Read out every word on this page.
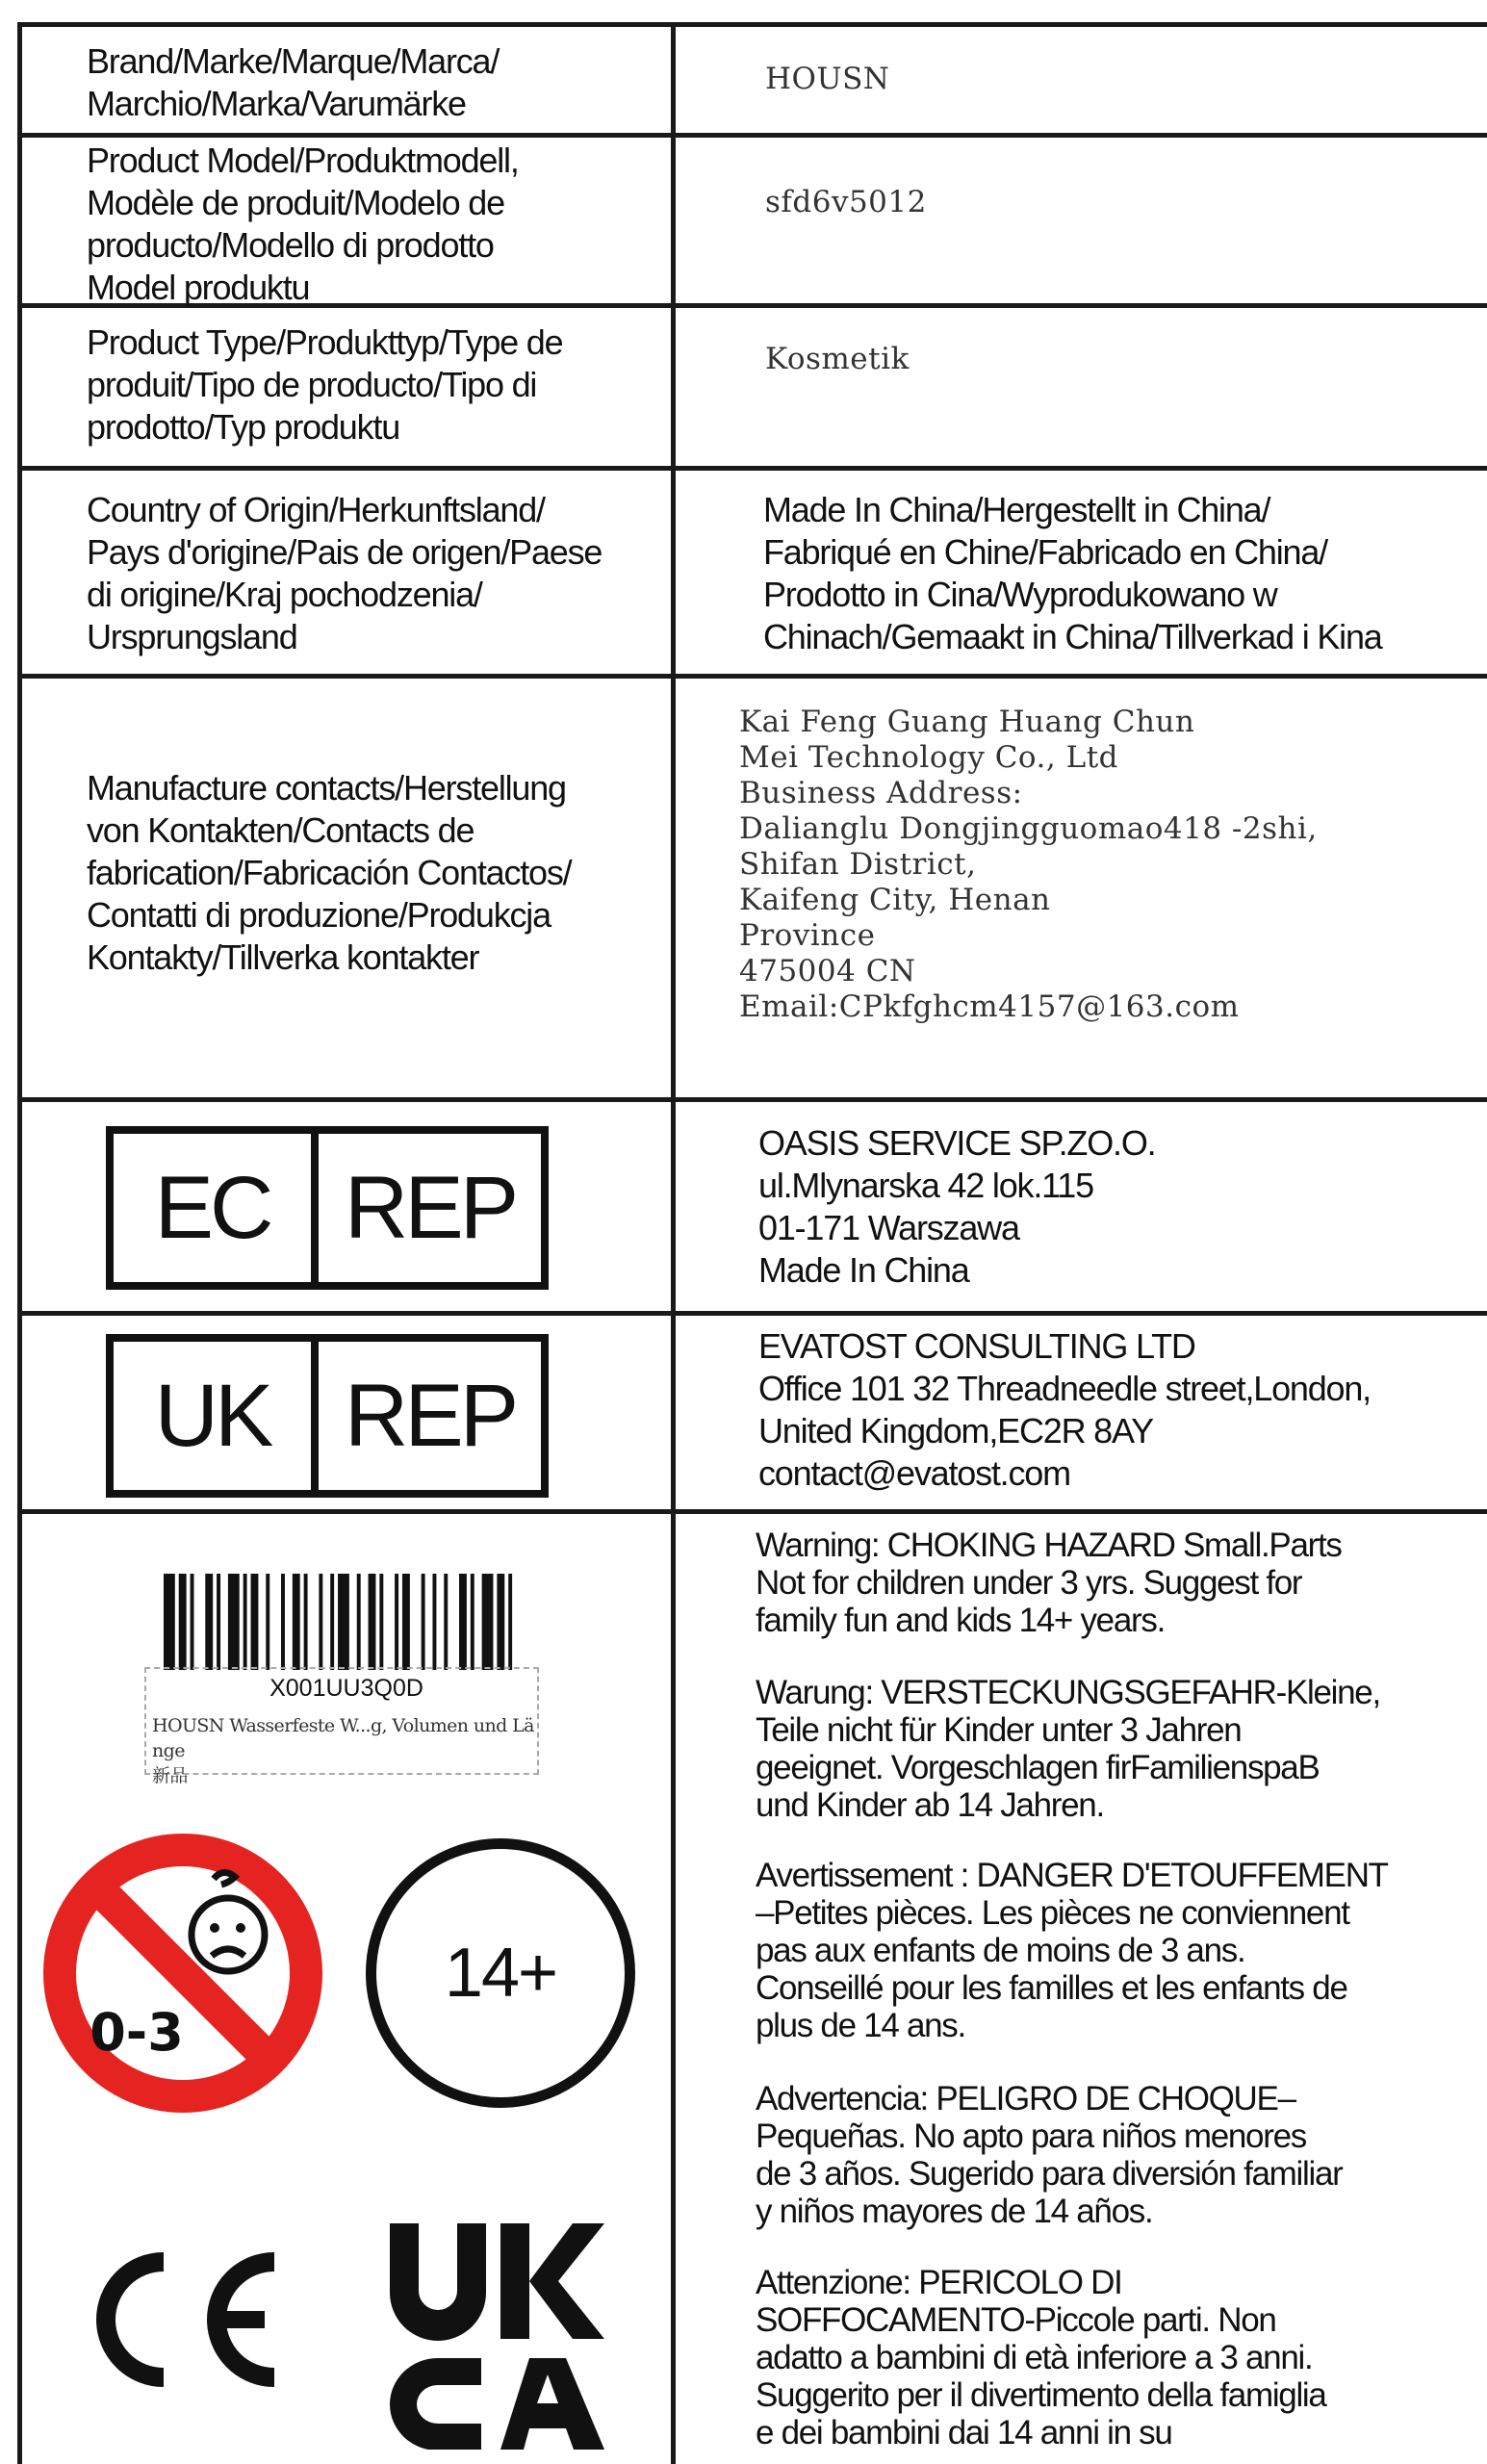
Brand/Marke/Marque/Marca/
Marchio/Marka/Varumärke
HOUSN
Product Model/Produktmodell,
Modèle de produit/Modelo de
producto/Modello di prodotto
Model produktu
sfd6v5012
Product Type/Produkttyp/Type de
produit/Tipo de producto/Tipo di
prodotto/Typ produktu
Kosmetik
Country of Origin/Herkunftsland/
Pays d'origine/Pais de origen/Paese
di origine/Kraj pochodzenia/
Ursprungsland
Made In China/Hergestellt in China/
Fabriqué en Chine/Fabricado en China/
Prodotto in Cina/Wyprodukowano w
Chinach/Gemaakt in China/Tillverkad i Kina
Manufacture contacts/Herstellung
von Kontakten/Contacts de
fabrication/Fabricación Contactos/
Contatti di produzione/Produkcja
Kontakty/Tillverka kontakter
Kai Feng Guang Huang Chun
Mei Technology Co., Ltd
Business Address:
Dalianglu Dongjingguomao418 -2shi,
Shifan District,
Kaifeng City, Henan
Province
475004 CN
Email:CPkfghcm4157@163.com
EC REP
OASIS SERVICE SP.ZO.O.
ul.Mlynarska 42 lok.115
01-171 Warszawa
Made In China
UK REP
EVATOST CONSULTING LTD
Office 101 32 Threadneedle street,London,
United Kingdom,EC2R 8AY
contact@evatost.com
X001UU3Q0D
HOUSN Wasserfeste W...g, Volumen und Lä nge
新品
0-3
14+
Warning: CHOKING HAZARD Small.Parts
Not for children under 3 yrs. Suggest for
family fun and kids 14+ years.
Warung: VERSTECKUNGSGEFAHR-Kleine,
Teile nicht für Kinder unter 3 Jahren
geeignet. Vorgeschlagen firFamilienspaB
und Kinder ab 14 Jahren.
Avertissement : DANGER D'ETOUFFEMENT
–Petites pièces. Les pièces ne conviennent
pas aux enfants de moins de 3 ans.
Conseillé pour les familles et les enfants de
plus de 14 ans.
Advertencia: PELIGRO DE CHOQUE–
Pequeñas. No apto para niños menores
de 3 años. Sugerido para diversión familiar
y niños mayores de 14 años.
Attenzione: PERICOLO DI
SOFFOCAMENTO-Piccole parti. Non
adatto a bambini di età inferiore a 3 anni.
Suggerito per il divertimento della famiglia
e dei bambini dai 14 anni in su
